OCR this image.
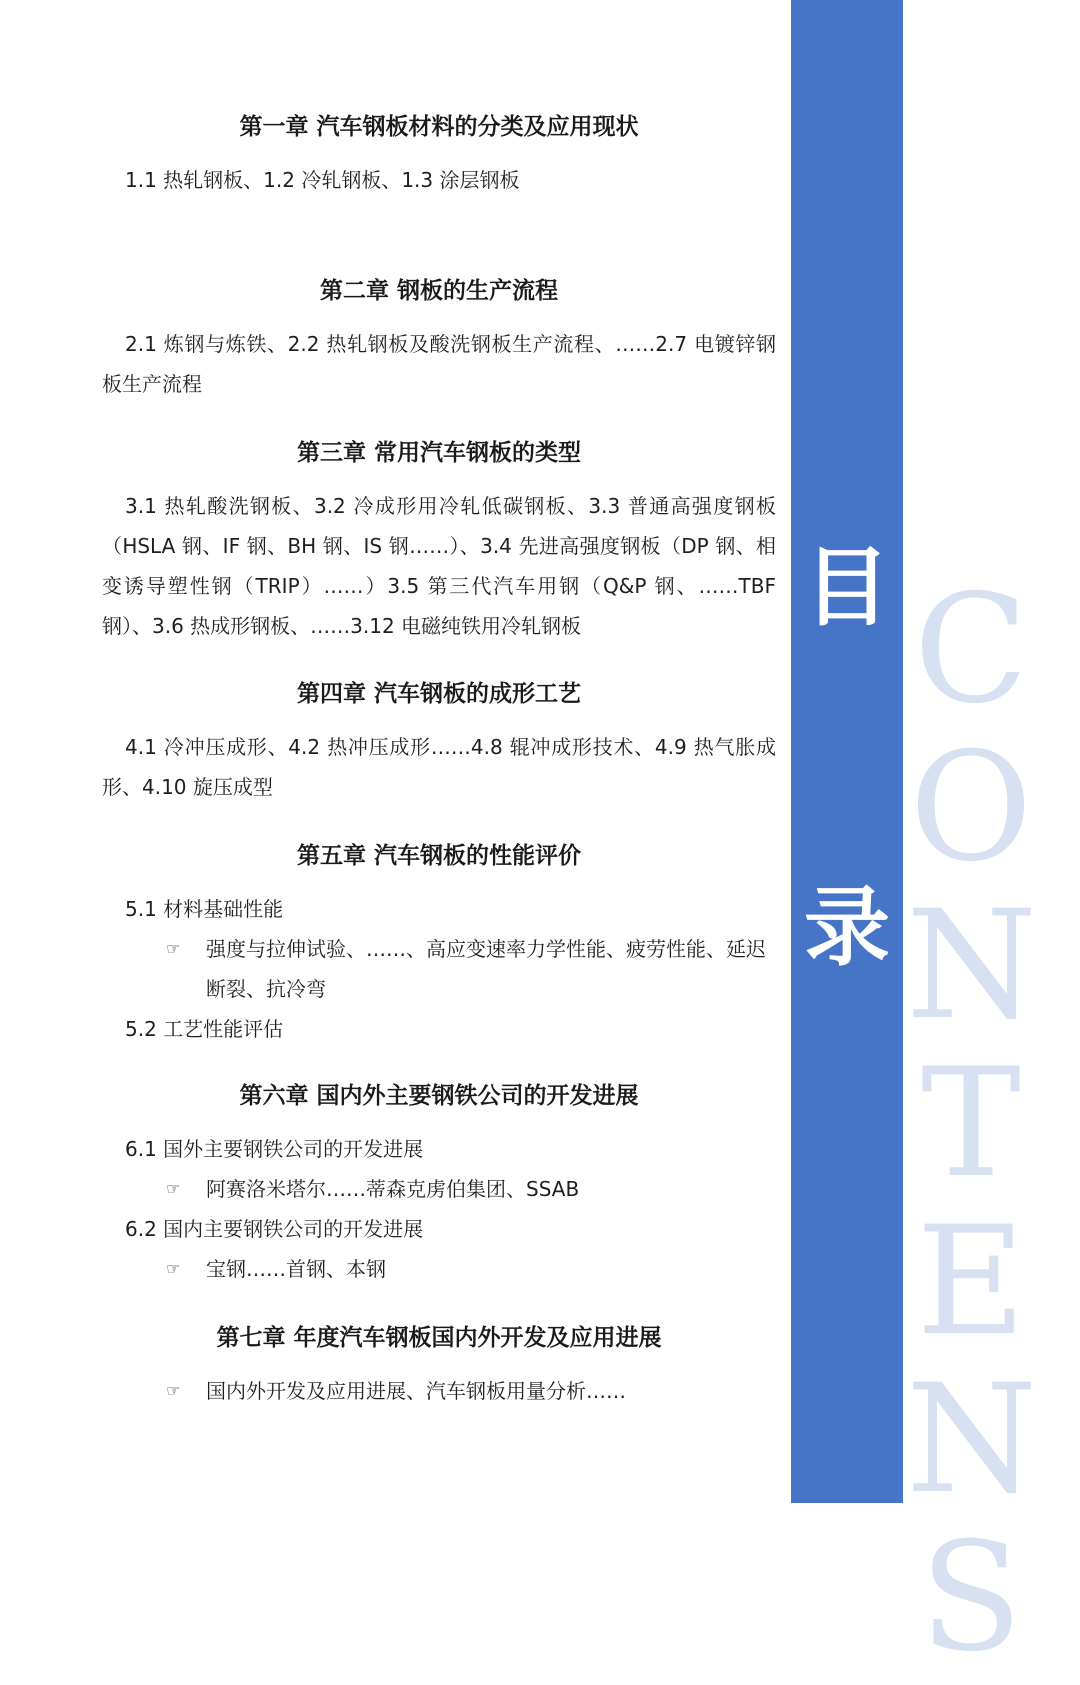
第一章 汽车钢板材料的分类及应用现状

1.1 热轧钢板、1.2 冷轧钢板、1.3 涂层钢板

第二章 钢板的生产流程

2.1 炼钢与炼铁、2.2 热轧钢板及酸洗钢板生产流程、……2.7 电镀锌钢板生产流程

第三章 常用汽车钢板的类型

3.1 热轧酸洗钢板、3.2 冷成形用冷轧低碳钢板、3.3 普通高强度钢板（HSLA 钢、IF 钢、BH 钢、IS 钢……）、3.4 先进高强度钢板（DP 钢、相变诱导塑性钢（TRIP）……）3.5 第三代汽车用钢（Q&P 钢、……TBF 钢）、3.6 热成形钢板、……3.12 电磁纯铁用冷轧钢板

第四章 汽车钢板的成形工艺

4.1 冷冲压成形、4.2 热冲压成形……4.8 辊冲成形技术、4.9 热气胀成形、4.10 旋压成型

第五章 汽车钢板的性能评价

5.1 材料基础性能

☞ 强度与拉伸试验、……、高应变速率力学性能、疲劳性能、延迟断裂、抗冷弯

5.2 工艺性能评估

第六章 国内外主要钢铁公司的开发进展

6.1 国外主要钢铁公司的开发进展

☞ 阿赛洛米塔尔……蒂森克虏伯集团、SSAB

6.2 国内主要钢铁公司的开发进展

☞ 宝钢……首钢、本钢

第七章 年度汽车钢板国内外开发及应用进展

☞ 国内外开发及应用进展、汽车钢板用量分析……

目
录
C
O
N
T
E
N
S
